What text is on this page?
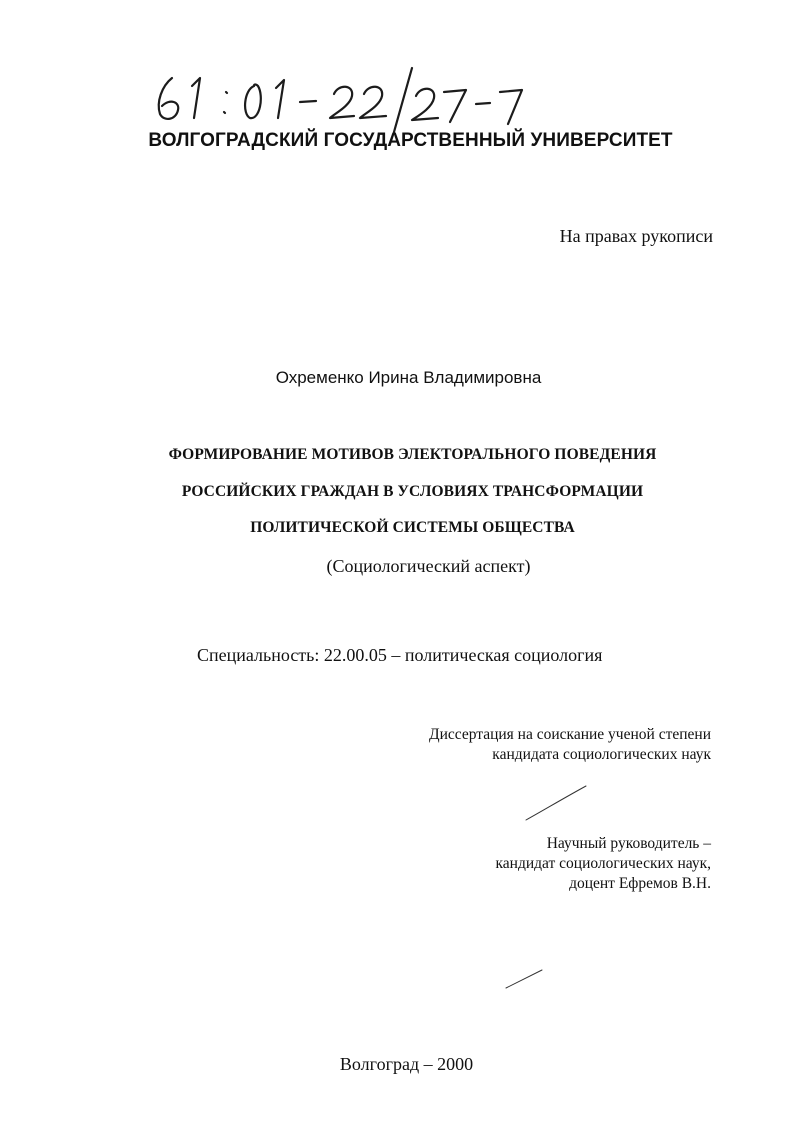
ВОЛГОГРАДСКИЙ ГОСУДАРСТВЕННЫЙ УНИВЕРСИТЕТ
На правах рукописи
Охременко Ирина Владимировна
ФОРМИРОВАНИЕ МОТИВОВ ЭЛЕКТОРАЛЬНОГО ПОВЕДЕНИЯ
РОССИЙСКИХ ГРАЖДАН В УСЛОВИЯХ ТРАНСФОРМАЦИИ
ПОЛИТИЧЕСКОЙ СИСТЕМЫ ОБЩЕСТВА
(Социологический аспект)
Специальность: 22.00.05 – политическая социология
Диссертация на соискание ученой степени
кандидата социологических наук
Научный руководитель –
кандидат социологических наук,
доцент Ефремов В.Н.
Волгоград – 2000
